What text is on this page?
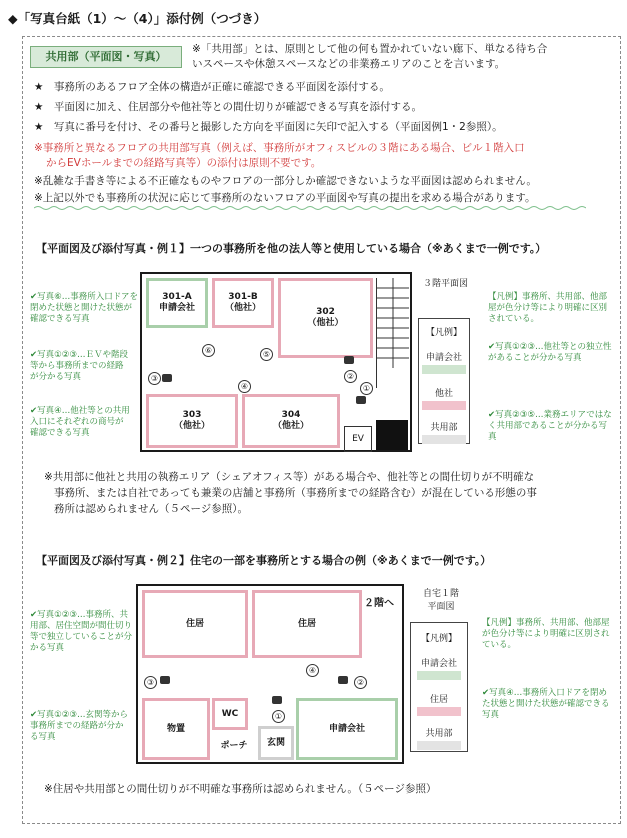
◆「写真台紙（1）～（4）」添付例（つづき）
共用部（平面図・写真）
※「共用部」とは、原則として他の何も置かれていない廊下、単なる待ち合
いスペースや休憩スペースなどの非業務エリアのことを言います。
★　事務所のあるフロア全体の構造が正確に確認できる平面図を添付する。
★　平面図に加え、住居部分や他社等との間仕切りが確認できる写真を添付する。
★　写真に番号を付け、その番号と撮影した方向を平面図に矢印で記入する（平面図例1・2参照）。
※事務所と異なるフロアの共用部写真（例えば、事務所がオフィスビルの３階にある場合、ビル１階入口
からEVホールまでの経路写真等）の添付は原則不要です。
※乱雑な手書き等による不正確なものやフロアの一部分しか確認できないような平面図は認められません。
※上記以外でも事務所の状況に応じて事務所のないフロアの平面図や写真の提出を求める場合があります。
【平面図及び添付写真・例１】一つの事務所を他の法人等と使用している場合（※あくまで一例です。）
301-A
申請会社
301-B
（他社）	302
（他社）
303
（他社）
304
（他社）
EV
⑥	⑤
③
④
②
①
３階平面図
【凡例】
申請会社
他社
共用部
✔写真⑥…事務所入口ドアを閉めた状態と開けた状態が確認できる写真
✔写真①②③…ＥＶや階段等から事務所までの経路が分かる写真
✔写真④…他社等との共用入口にそれぞれの商号が確認できる写真
【凡例】事務所、共用部、他部屋が色分け等により明確に区別されている。
✔写真①②③…他社等との独立性があることが分かる写真
✔写真②③⑤…業務エリアではなく共用部であることが分かる写真
※共用部に他社と共用の執務エリア（シェアオフィス等）がある場合や、他社等との間仕切りが不明確な
事務所、または自社であっても兼業の店舗と事務所（事務所までの経路含む）が混在している形態の事
務所は認められません（５ページ参照）。
【平面図及び添付写真・例２】住宅の一部を事務所とする場合の例（※あくまで一例です。）
住居	住居
２階へ
物置
WC
ポーチ	玄関
申請会社
③
④
②
①
自宅１階
平面図
【凡例】
申請会社
住居
共用部
✔写真①②③…事務所、共用部、居住空間が間仕切り等で独立していることが分かる写真
✔写真①②③…玄関等から事務所までの経路が分かる写真
【凡例】事務所、共用部、他部屋が色分け等により明確に区別されている。
✔写真④…事務所入口ドアを閉めた状態と開けた状態が確認できる写真
※住居や共用部との間仕切りが不明確な事務所は認められません。（５ページ参照）
